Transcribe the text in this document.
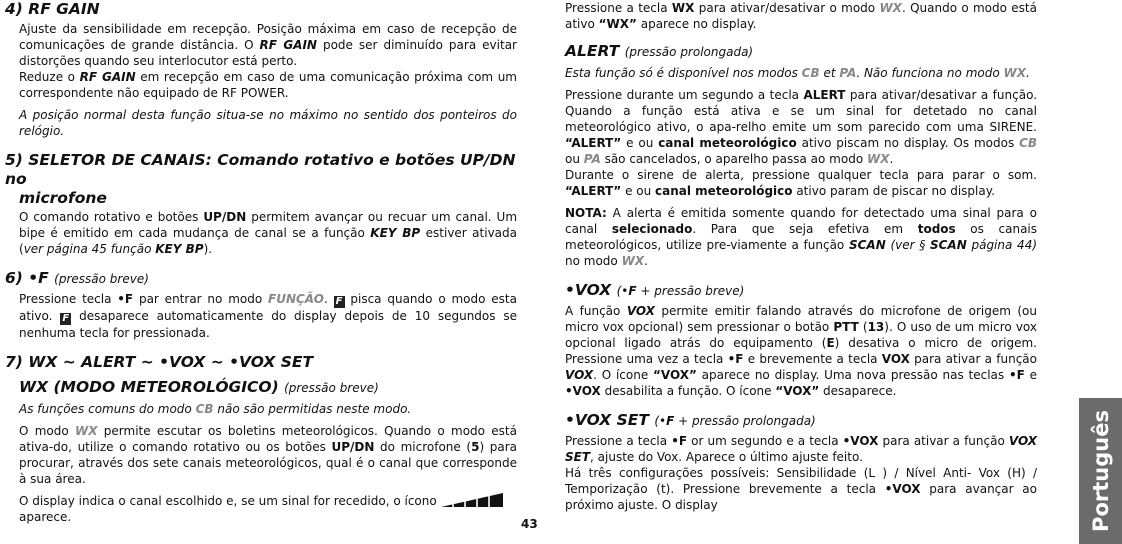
4) RF GAIN

Ajuste da sensibilidade em recepção. Posição máxima em caso de recepção de comunicações de grande distância. O RF GAIN pode ser diminuído para evitar distorções quando seu interlocutor está perto.

Reduze o RF GAIN em recepção em caso de uma comunicação próxima com um correspondente não equipado de RF POWER.

A posição normal desta função situa-se no máximo no sentido dos ponteiros do relógio.

5) SELETOR DE CANAIS: Comando rotativo e botões UP/DN no
microfone

O comando rotativo e botões UP/DN permitem avançar ou recuar um canal. Um bipe é emitido em cada mudança de canal se a função KEY BP estiver ativada (ver página 45 função KEY BP).

6) •F (pressão breve)

Pressione tecla •F par entrar no modo FUNÇÃO. F pisca quando o modo esta ativo. F desaparece automaticamente do display depois de 10 segundos se nenhuma tecla for pressionada.

7) WX ~ ALERT ~ •VOX ~ •VOX SET
WX (MODO METEOROLÓGICO) (pressão breve)

As funções comuns do modo CB não são permitidas neste modo.

O modo WX permite escutar os boletins meteorológicos. Quando o modo está ativa-do, utilize o comando rotativo ou os botões UP/DN do microfone (5) para procurar, através dos sete canais meteorológicos, qual é o canal que corresponde à sua área.

O display indica o canal escolhido e, se um sinal for recedido, o ícono
aparece.

Pressione a tecla WX para ativar/desativar o modo WX. Quando o modo está ativo “WX” aparece no display.

ALERT (pressão prolongada)

Esta função só é disponível nos modos CB et PA. Não funciona no modo WX.

Pressione durante um segundo a tecla ALERT para ativar/desativar a função. Quando a função está ativa e se um sinal for detetado no canal meteorológico ativo, o apa-relho emite um som parecido com uma SIRENE. “ALERT” e ou canal meteorológico ativo piscam no display. Os modos CB ou PA são cancelados, o aparelho passa ao modo WX.

Durante o sirene de alerta, pressione qualquer tecla para parar o som. “ALERT” e ou canal meteorológico ativo param de piscar no display.

NOTA: A alerta é emitida somente quando for detectado uma sinal para o canal selecionado. Para que seja efetiva em todos os canais meteorológicos, utilize pre-viamente a função SCAN (ver § SCAN página 44) no modo WX.

•VOX (•F + pressão breve)

A função VOX permite emitir falando através do microfone de origem (ou micro vox opcional) sem pressionar o botão PTT (13). O uso de um micro vox opcional ligado atrás do equipamento (E) desativa o micro de origem. Pressione uma vez a tecla •F e brevemente a tecla VOX para ativar a função VOX. O ícone “VOX” aparece no display. Uma nova pressão nas teclas •F e •VOX desabilita a função. O ícone “VOX” desaparece.

•VOX SET (•F + pressão prolongada)

Pressione a tecla •F or um segundo e a tecla •VOX para ativar a função VOX SET, ajuste do Vox. Aparece o último ajuste feito.

Há três configurações possíveis: Sensibilidade (L ) / Nível Anti- Vox (H) / Temporização (t). Pressione brevemente a tecla •VOX para avançar ao próximo ajuste. O display

43	Português
